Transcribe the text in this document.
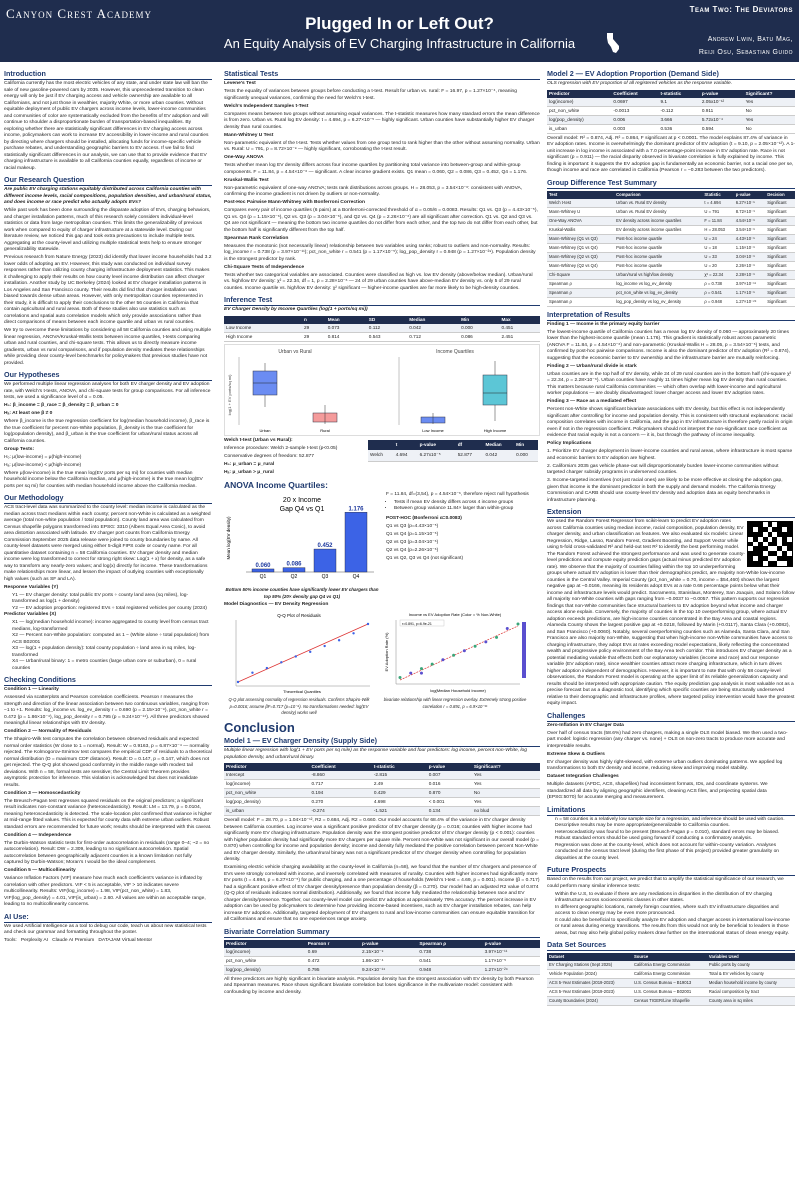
Canyon Crest Academy
Plugged In or Left Out?
An Equity Analysis of EV Charging Infrastructure in California
Team Two: The Deviators
Andrew Lwin, Batu Mag,
Reiji Osu, Sebastian Guido
Introduction

California currently has the most electric vehicles of any state, and under state law will ban the sale of new gasoline-powered cars by 2035. However, this unprecedented transition to clean energy will only be just if EV charging access and vehicle ownership are available to all Californians, and not just those in wealthier, majority White, or more urban counties. Without equitable deployment of public EV chargers across income levels, lower-income communities and communities of color are systematically excluded from the benefits of EV adoption and will continue to shoulder a disproportionate burden of transportation-based inequalities. By exploring whether there are statistically significant differences in EV charging access across income, policymakers can work to increase EV accessibility in lower-income and rural counties by directing where chargers should be installed, allocating funds for income-specific vehicle purchase rebates, and understanding geographic barriers to EV access. If we fail to find statistically significant differences in our analysis, we can use that to provide evidence that EV charging infrastructure is available to all California counties equally, regardless of income or racial makeup.

Our Research Question

Are public EV charging stations equitably distributed across California counties with different income levels, racial compositions, population densities, and urban/rural status, and does income or race predict who actually adopts EVs?

While past work has been done surrounding the disparate adoption of EVs, charging behaviors, and charger installation patterns, much of this research solely considers individual-level statistics or data from large metropolitan counties. This limits the generalizability of previous work when compared to equity of charger infrastructure at a statewide level. During our literature review, we noticed this gap and took extra precautions to include multiple tests. Aggregating at the county-level and utilizing multiple statistical tests help to ensure stronger generalizability statewide.

Previous research from Nature Energy (2023) did identify that lower income households had 3.2 lower odds of adopting an EV. However, this study was conducted on individual survey responses rather than utilizing county charging infrastructure deployment statistics. This makes it challenging to apply their results on how county level income distribution can affect charger installation. Another study by UC Berkeley (2024) looked at EV charger installation patterns in Los Angeles and San Francisco county. Their results did find that charger installation was biased towards dense urban areas. However, with only metropolitan counties represented in their study, it is difficult to apply their conclusions to the other 56 counties in California that contain agricultural and rural areas. Both of these studies also use statistics such as correlations and spatial auto correlation models which only provide associations rather than direct comparisons of means between each income quartile and urban vs rural counties.

We try to overcome these limitations by considering all 58 California counties and using multiple linear regression, ANOVA/Kruskal-Wallis tests between income quartiles, t-tests comparing urban and rural counties, and chi-square tests. This allows us to directly measure income gradients, urban vs rural comparisons, and if population density mediates these relationships while providing clear county-level benchmarks for policymakers that previous studies have not provided.

Our Hypotheses

We performed multiple linear regression analyses for both EV charger density and EV adoption rate, with Welch's t-tests, ANOVA, and chi-square tests for group comparisons. For all inference tests, we used a significance level of α = 0.05.

H₀: β_income = β_race = β_density = β_urban = 0

Hₐ: At least one β ≠ 0

Where β_income is the true regression coefficient for log(median household income), β_race is the true coefficient for percent non-White population, β_density is the true coefficient for log(population density), and β_urban is the true coefficient for urban/rural status across all California counties.

Group Tests:

H₀: μ(low-income) = μ(high-income)

Hₐ: μ(low-income) < μ(high-income)

Where μ(low-income) is the true mean log(EV ports per sq mi) for counties with median household income below the California median, and μ(high-income) is the true mean log(EV ports per sq mi) for counties with median household income above the California median.

Our Methodology

ACS tract-level data was summarized to the county level: median income is calculated as the median across tract medians within each county; percent non-White is calculated as a weighted average (total non-white population / total population). County land area was calculated from Census shapefile polygons transformed into EPSG: 3310 (Albers Equal Area Conic), to avoid area distortion associated with latitude. EV charger port counts from California Energy Commission September 2025 data release were joined to county boundaries by name. All county-level datasets were merged using either 5-digit FIPS code or county name. For all quantitative dataset containing n = 58 California counties. EV charger density and median income were log transformed to correct for strong right skew: Log(1 + x) for density, as a safe way to transform any nearly-zero values; and log(x) directly for income. These transformations make relationships more linear, and lessen the impact of outlying counties with exceptionally high values (such as SF and LA).

Response Variables (Y)

• Y1 — EV charger density: total public EV ports ÷ county land area (sq miles), log-transformed as log(1 + density)
• Y2 — EV adoption proportion: registered EVs ÷ total registered vehicles per county (2024)

Predictor Variables (X)

• X1 — log(median household income): income aggregated to county level from census tract medians, log-transformed
• X2 — Percent non-White population: computed as 1 − (White alone ÷ total population) from ACS B02001
• X3 — log(1 + population density): total county population ÷ land area in sq miles, log-transformed
• X4 — Urban/rural binary: 1 = metro counties (large urban core or suburban), 0 = rural counties
Checking Conditions

Condition 1 — Linearity

Assessed via scatterplots and Pearson correlation coefficients. Pearson r measures the strength and direction of the linear association between two continuous variables, ranging from −1 to +1. Results: log_income vs. log_ev_density r = 0.690 (p = 2.15×10⁻⁹), pct_non_white r = 0.472 (p = 1.86×10⁻⁴), log_pop_density r = 0.795 (p = 9.24×10⁻¹⁴). All three predictors showed meaningful linear relationships with EV density.

Condition 2 — Normality of Residuals

The Shapiro-Wilk test computes the correlation between observed residuals and expected normal order statistics (W close to 1 = normal). Result: W = 0.9163, p = 6.87×10⁻⁴ — normality rejected. The Kolmogorov-Smirnov test compares the empirical CDF of residuals to a theoretical normal distribution (D = maximum CDF distance). Result: D = 0.147, p = 0.147, which does not get rejected. The Q-Q plot showed good conformity in the middle range with modest tail deviations. With n = 58, formal tests are sensitive; the Central Limit Theorem provides asymptotic protection for inference. This violation is acknowledged but does not invalidate results.

Condition 3 — Homoscedasticity

The Breusch-Pagan test regresses squared residuals on the original predictors; a significant result indicates non-constant variance (heteroscedasticity). Result: LM = 13.79, p = 0.0104, meaning heteroscedasticity is detected. The scale-location plot confirmed that variance is higher at mid-range fitted values. This is expected for county data with extreme urban outliers. Robust standard errors are recommended for future work; results should be interpreted with this caveat.

Condition 4 — Independence

The Durbin-Watson statistic tests for first-order autocorrelation in residuals (range 0–4; ~2 = no autocorrelation). Result: DW = 2.309, leading to no significant autocorrelation. Spatial autocorrelation between geographically adjacent counties is a known limitation not fully captured by Durbin-Watson; Moran's I would be the ideal complement.

Condition 5 — Multicollinearity

Variance Inflation Factors (VIF) measure how much each coefficient's variance is inflated by correlation with other predictors. VIF < 5 is acceptable, VIF > 10 indicates severe multicollinearity. Results: VIF(log_income) = 1.98, VIF(pct_non_white) = 1.83, VIF(log_pop_density) = 4.01, VIF(is_urban) = 2.60. All values are within an acceptable range, leading to no multicollinearity concerns.

AI Use:

We used Artificial Intelligence as a tool to debug our code, teach us about new statistical tests and check our grammar and formatting throughout the poster.

Tools: Perplexity AI Claude AI Premium DATAJAM Virtual Mentor

Statistical Tests

Levene's Test

Tests the equality of variances between groups before conducting a t-test. Result for urban vs. rural: F = 16.97, p = 1.27×10⁻⁴, meaning significantly unequal variances, confirming the need for Welch's t-test.

Welch's Independent Samples t-Test

Compares means between two groups without assuming equal variances. The t-statistic measures how many standard errors the mean difference is from zero. Urban vs. Rural log EV density: t = 4.694, p = 6.27×10⁻⁵ — highly significant. Urban counties have substantially higher EV charger density than rural counties.

Mann-Whitney U Test

Non-parametric equivalent of the t-test. Tests whether values from one group tend to rank higher than the other without assuming normality. Urban vs. Rural: U = 791, p = 8.72×10⁻⁹ — highly significant, corroborating the t-test result.

One-Way ANOVA

Tests whether mean log EV density differs across four income quartiles by partitioning total variance into between-group and within-group components. F = 11.84, p = 4.54×10⁻⁶ — significant. A clear income gradient exists. Q1 mean = 0.060, Q2 = 0.086, Q3 = 0.452, Q4 = 1.176.

Kruskal-Wallis Test

Non-parametric equivalent of one-way ANOVA; tests rank distributions across groups. H = 28.053, p = 3.54×10⁻⁶: consistent with ANOVA, confirming the income gradient is not driven by outliers or non-normality.

Post-Hoc Pairwise Mann-Whitney with Bonferroni Correction

Compares every pair of income quartiles (6 pairs) at a Bonferroni-corrected threshold of α = 0.05/6 = 0.0083. Results: Q1 vs. Q3 (p = 4.43×10⁻⁵), Q1 vs. Q4 (p = 1.15×10⁻⁶), Q2 vs. Q3 (p = 3.04×10⁻⁶), and Q2 vs. Q4 (p = 2.26×10⁻⁶) are all significant after correction. Q1 vs. Q2 and Q3 vs. Q4 are not significant — meaning the bottom two income quartiles do not differ from each other, and the top two do not differ from each other, but the bottom half is significantly different from the top half.

Spearman Rank Correlation

Measures the monotonic (not necessarily linear) relationship between two variables using ranks; robust to outliers and non-normality. Results: log_income r = 0.738 (p = 3.97×10⁻¹¹); pct_non_white r = 0.541 (p = 1.17×10⁻⁵); log_pop_density r = 0.948 (p = 1.27×10⁻²⁹). Population density is the strongest predictor by rank.

Chi-Square Tests of Independence

Tests whether two categorical variables are associated. Counties were classified as high vs. low EV density (above/below median). Urban/rural vs. high/low EV density: χ² = 22.34, df = 1, p = 2.28×10⁻⁶ — 24 of 29 urban counties have above-median EV density vs. only 5 of 29 rural counties. Income quartile vs. high/low EV density: χ² significant — higher-income quartiles are far more likely to be high-density counties.

Inference Test

EV Charger Density by Income Quartiles (log(1 + ports/sq mi))

	n	Mean	SD	Median	Min	Max
Low Income	29	0.073	0.112	0.042	0.000	0.451
High Income	29	0.814	0.543	0.712	0.086	2.451
Urban vs Rural	Income Quartiles
log(1 + EV ports/sq mi)
Urban	Rural	Low Income	High Income

Welch t-test (Urban vs Rural):

Inference procedure: Welch 2-sample t-test (p<0.05)

Conservative degrees of freedom: 52.877

H₀: μ_urban = μ_rural

Hₐ: μ_urban > μ_rural

	t	p-value	df	Median	Min
Welch	4.694	6.27x10⁻⁵	52.877	0.042	0.000
ANOVA Income Quartiles:
Mean log(EV density)
20 x Income
Gap Q4 vs Q1
0.060
Q1
0.086
Q2
0.452
Q3
1.176
Q4

Bottom 50% income counties have significantly lower EV chargers than top 50% (20× density gap Q4 vs Q1)

F = 11.84, df=(3,54), p = 4.54×10⁻⁶, therefore reject null hypothesis

• Tests if mean EV density differs across 4 income groups
• Between group variance 11.84× larger than within-group

POST-HOC (Bonferroni α=0.0083)

Q1 vs Q3 (p=4.43×10⁻⁵)

Q1 vs Q4 (p=1.15×10⁻⁶)

Q2 vs Q3 (p=3.04×10⁻⁶)

Q2 vs Q4 (p=2.26×10⁻⁶)

Q1 vs Q2, Q3 vs Q4 (not significant)

Model Diagnostics — EV Density Regression

Q-Q Plot of Residuals
Theoretical Quantiles

Q-Q plot assessing normality of regression residuals. Confirms Shapiro-Wilk p=0.0016; assume βF=0.717 (p=10⁻⁴). No transformations needed: log(EV density) works well

Income vs EV Adoption Rate (Color = % Non-White)
r=0.891, p=6.9e-21
log(Median Household Income)
EV Adoption Rate (%)

bivariate relationship with linear regression overlay. Extremely strong positive correlation r = 0.891, p = 6.9×10⁻²¹

Conclusion
Model 1 — EV Charger Density (Supply Side)

Multiple linear regression with log(1 + EV ports per sq mile) as the response variable and four predictors: log income, percent non-White, log population density, and urban/rural binary.

Predictor	Coefficient	t-statistic	p-value	Significant?
Intercept	-8.860	-2.815	0.007	Yes
log(income)	0.717	2.49	0.016	Yes
pct_non_white	0.194	0.429	0.870	No
log(pop_density)	0.270	4.698	< 0.001	Yes
is_urban	-0.274	-1.521	0.134	no blud

Overall model: F = 28.70, p = 1.04×10⁻¹², R2 = 0.684, Adj. R2 = 0.660. Our model accounts for 68.4% of the variance in EV charger density between California counties. Log income was a significant positive predictor of EV charger density (p = 0.016; counties with higher income had significantly more EV charging infrastructure. Population density was the strongest positive predictor of EV charger density (p < 0.001): counties with higher population density had significantly more EV chargers per square mile. Percent non-White was not significant in our overall model (p = 0.870) when controlling for income and population density; income and density fully mediated the positive correlation between percent Non-White and EV charger density. Similarly, the urban/rural binary was not a significant predictor of EV charger density when controlling for population density.

Examining electric vehicle charging availability at the county-level in California (n=58), we found that the number of EV chargers and presence of EVs were strongly correlated with income, and inversely correlated with measures of rurality. Counties with higher incomes had significantly more EV ports (t = 4.694, p = 6.27×10⁻⁵) for public charging, and a one percentage of households (Welch's t-test = 4.69, p = 0.001). Income (β = 0.717) had a significant positive effect of EV charger density/presence than population density (β = 0.270). Our model had an adjusted R2 value of 0.874 (Q-Q plot of residuals indicates normal distribution). Additionally, we found that income fully mediated the relationship between race and EV charger density/presence. Together, our county-level model can predict EV adoption at approximately 79% accuracy. The percent increase in EV adoption can be used by policymakers to determine how providing income-based incentives, such as EV charger installation rebates, can help increase EV adoption. Additionally, targeted deployment of EV chargers to rural and low-income communities can ensure equitable transition for all Californians and ensure that no one experiences range anxiety.

Bivariate Correlation Summary
Predictor	Pearson r	p-value	Spearman ρ	p-value
log(income)	0.69	2.15×10⁻⁹	0.738	3.97×10⁻¹¹
pct_non_white	0.472	1.86×10⁻⁴	0.541	1.17×10⁻⁵
log(pop_density)	0.795	9.24×10⁻¹⁴	0.948	1.27×10⁻²⁹

All three predictors are highly significant in bivariate analysis. Population density has the strongest association with EV density by both Pearson and Spearman measures. Race shows significant bivariate correlation but loses significance in the multivariate model: consistent with confounding by income and density.

Model 2 — EV Adoption Proportion (Demand Side)

OLS regression with EV proportion of all registered vehicles as the response variable.

Predictor	Coefficient	t-statistic	p-value	Significant?
log(income)	0.0697	9.1	2.05x10⁻¹²	Yes
pct_non_white	-0.0013	-0.112	0.911	No
log(pop_density)	0.006	3.666	5.72x10⁻⁴	Yes
is_urban	0.003	0.536	0.594	No

Overall model: R² = 0.874, Adj. R² = 0.864, F significant at p < 0.0001. The model explains 87.4% of variance in EV adoption rates. Income is overwhelmingly the dominant predictor of EV adoption (t = 9.10, p = 2.05×10⁻¹²). A 1-unit increase in log income is associated with a 7.0 percentage-point increase in EV adoption rate. Race is not significant (p = 0.911) — the racial disparity observed in bivariate correlation is fully explained by income. This finding is important: it suggests the EV adoption gap is fundamentally an economic barrier, not a racial one per se, though income and race are correlated in California (Pearson r = −0.283 between the two predictors).

Group Difference Test Summary
Test	Comparison	Statistic	p-value	Decision
Welch t-test	Urban vs. Rural EV density	t = 4.694	6.27×10⁻⁵	Significant
Mann-Whitney U	Urban vs. Rural EV density	U = 791	8.72×10⁻⁹	Significant
One-Way ANOVA	EV density across income quartiles	F = 11.84	4.54×10⁻⁶	Significant
Kruskal-Wallis	EV density across income quartiles	H = 28.053	3.54×10⁻⁶	Significant
Mann-Whitney (Q1 vs Q3)	Post-hoc income quartile	U = 24	4.43×10⁻⁵	Significant
Mann-Whitney (Q1 vs Q4)	Post-hoc income quartile	U = 18	1.15×10⁻⁶	Significant
Mann-Whitney (Q2 vs Q3)	Post-hoc income quartile	U = 33	3.04×10⁻⁶	Significant
Mann-Whitney (Q2 vs Q4)	Post-hoc income quartile	U = 20	2.26×10⁻⁶	Significant
Chi-Square	Urban/rural vs high/low density	χ² = 22.34	2.28×10⁻⁶	Significant
Spearman ρ	log_income vs log_ev_density	ρ = 0.738	3.97×10⁻¹¹	Significant
Spearman ρ	pct_non_white vs log_ev_density	ρ = 0.541	1.17×10⁻⁵	Significant
Spearman ρ	log_pop_density vs log_ev_density	ρ = 0.948	1.27×10⁻²⁹	Significant
Interpretation of Results

Finding 1 — Income is the primary equity barrier

The lowest-income quartile of California counties has a mean log EV density of 0.060 — approximately 20 times lower than the highest-income quartile (mean 1.176). This gradient is statistically robust across parametric (ANOVA F = 11.84, p = 4.54×10⁻⁶) and non-parametric (Kruskal-Wallis H = 28.05, p = 3.54×10⁻⁶) tests, and confirmed by post-hoc pairwise comparisons. Income is also the dominant predictor of EV adoption (R² = 0.874), suggesting that the economic barrier to EV ownership and the infrastructure barrier are mutually reinforcing.

Finding 2 — Urban/rural divide is stark

Urban counties are in the top half of EV density, while 24 of 29 rural counties are in the bottom half (chi-square χ² = 22.34, p = 2.28×10⁻⁶). Urban counties have roughly 11 times higher mean log EV density than rural counties. This matters because rural California communities — which often overlap with lower-income and agricultural worker populations — are doubly disadvantaged: lower charger access and lower EV adoption rates.

Finding 3 — Race as a mediated effect

Percent non-White shows significant bivariate associations with EV density, but this effect is not independently significant after controlling for income and population density. This is consistent with structural explanations: racial composition correlates with income in California, and the gap in EV infrastructure is therefore partly racial in origin even if not in the regression coefficient. Policymakers should not interpret the non-significant race coefficient as evidence that racial equity is not a concern — it is, but through the pathway of income inequality.

Policy Implications

1. Prioritize EV charger deployment in lower-income counties and rural areas, where infrastructure is most sparse and economic barriers to EV adoption are highest.

2. California's 2035 gas vehicle phase-out will disproportionately burden lower-income communities without targeted charger subsidy programs in underserved counties.

3. Income-targeted incentives (not just racial ones) are likely to be more effective at closing the adoption gap, given that income is the dominant predictor in both the supply and demand models. The California Energy Commission and CARB should use county-level EV density and adoption data as equity benchmarks in infrastructure planning.

Extension

We used the Random Forest Regressor from scikit-learn to predict EV adoption rates across California counties using median income, racial composition, population density, EV charger density, and urban classification as features. We also evaluated six models: Linear Regression, Ridge, Lasso, Random Forest, Gradient Boosting, and Support Vector while using 5-fold cross-validated R² and held-out test R² to identify the best performing model. The Random Forest achieved the strongest performance and was used to generate county-level predictions and compute equity prediction gaps (actual minus predicted EV adoption rate). We observe that the majority of counties falling within the top 10 underperforming groups where actual EV adoption is lower than their demographics predict, are majority non-White low-income counties in the Central Valley. Imperial County (pct_non_white = 0.70, income = $54,460) shows the largest negative gap at −0.0166, meaning its residents adopt EVs at a rate 0.66 percentage points below what their income and infrastructure levels would predict. Sacramento, Stanislaus, Monterey, San Joaquin, and Solano follow all majority non-White counties with gaps ranging from −0.0037 to −0.0057. This pattern supports our regression findings that non-White communities face structural barriers to EV adoption beyond what income and charger access alone explain. Conversely, the majority of counties in the top 10 overperforming group, where actual EV adoption exceeds predictions, are high-income counties concentrated in the Bay Area and coastal regions. Alameda County shows the largest positive gap at +0.0218, followed by Marin (+0.0117), Santa Clara (+0.0082), and San Francisco (+0.0060). Notably, several overperforming counties such as Alameda, Santa Clara, and San Francisco are also majority non-White, suggesting that when high-income non-White communities have access to charging infrastructure, they adopt EVs at rates exceeding model expectations, likely reflecting the concentrated wealth and progressive policy environment of the Bay Area tech corridor. This introduces EV charger density as a potential mediating variable that effects both our explanatory variables (income and race) and our response variable (EV adoption rate), since wealthier counties attract more charging infrastructure, which in turn drives higher adoption independent of demographics. However, it is important to note that with only 58 county-level observations, the Random Forest model is operating at the upper limit of its reliable generalization capacity and results should be interpreted with appropriate caution. The equity prediction gap analysis is most valuable not as a precise forecast but as a diagnostic tool, identifying which specific counties are being structurally underserved relative to their demographic and infrastructure profiles, where targeted policy intervention would have the greatest equity impact.

Challenges

Zero-Inflation in EV Charger Data

Over half of census tracts (58.6%) had zero chargers, making a single OLS model biased. We then used a two-part model: logistic regression (any charger vs. none) + OLS on non-zero tracts to produce more accurate and interpretable results.

Extreme Skew & Outliers

EV charger density was highly right-skewed, with extreme urban outliers dominating patterns. We applied log transformations to both EV density and income, reducing skew and improving model stability.

Dataset Integration Challenges

Multiple datasets (AFDC, ACS, shapefiles) had inconsistent formats, IDs, and coordinate systems. We standardized all data by aligning geographic identifiers, cleaning ACS files, and projecting spatial data (EPSG:5070) for accurate merging and measurement.

Limitations
• n = 58 counties is a relatively low sample size for a regression, and inference should be used with caution. Descriptive results may be more appropriate/generalizable to California counties.
• Heteroscedasticity was found to be present (Breusch-Pagan p = 0.010), standard errors may be biased. Robust standard errors should be used going forward if conducting a confirmatory analysis.
• Regression was done at the county-level, which does not account for within-county variation. Analyses conducted at the census tract level (during the first phase of this project) provided greater granularity on disparities at the county level.
Future Prospects

Based on the results from our project, we predict that to amplify the statistical significance of our research, we could perform many similar inference tests:

• Within the U.S, to evaluate if there are any mediations in disparities in the distribution of EV charging infrastructure across socioeconomic classes in other states.
• In different geographic locations, namely foreign countries, where such EV infrastructure disparities and access to clean energy may be even more pronounced.
• It could also be beneficial to specifically analyze EV adoption and charger access in international low-income or rural areas during energy transitions. The results from this would not only be beneficial to leaders in those areas, but may also help global policy makers draw further on the international status of clean energy equity.
Data Set Sources
Dataset	Source	Variables Used
EV Charging Stations (Sept 2025)	California Energy Commission	Public ports by county
Vehicle Population (2024)	California Energy Commission	Total & EV vehicles by county
ACS 5-Year Estimates (2019-2023)	U.S. Census Bureau – B19013	Median household income by county
ACS 5-Year Estimates (2019-2023)	U.S. Census Bureau – B02001	Racial composition by tract
County Boundaries (2024)	Census TIGER/Line Shapefile	County area in sq miles
